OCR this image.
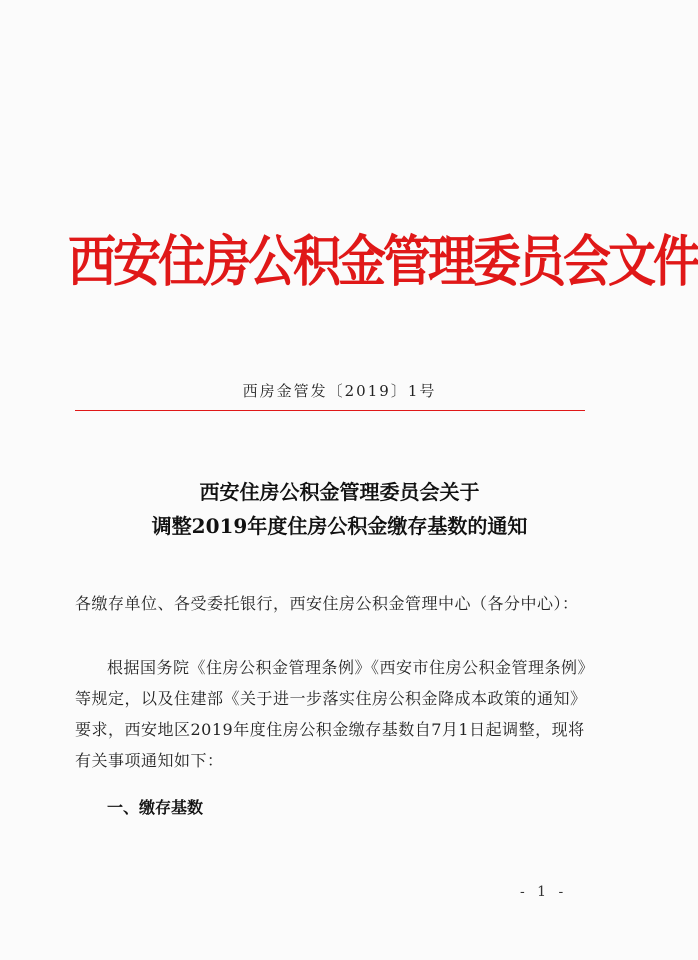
西安住房公积金管理委员会文件
西房金管发〔2019〕1号
西安住房公积金管理委员会关于
调整2019年度住房公积金缴存基数的通知
各缴存单位、各受委托银行，西安住房公积金管理中心（各分中心）：
根据国务院《住房公积金管理条例》《西安市住房公积金管理条例》等规定，以及住建部《关于进一步落实住房公积金降成本政策的通知》要求，西安地区2019年度住房公积金缴存基数自7月1日起调整，现将有关事项通知如下：
一、缴存基数
- 1 -
